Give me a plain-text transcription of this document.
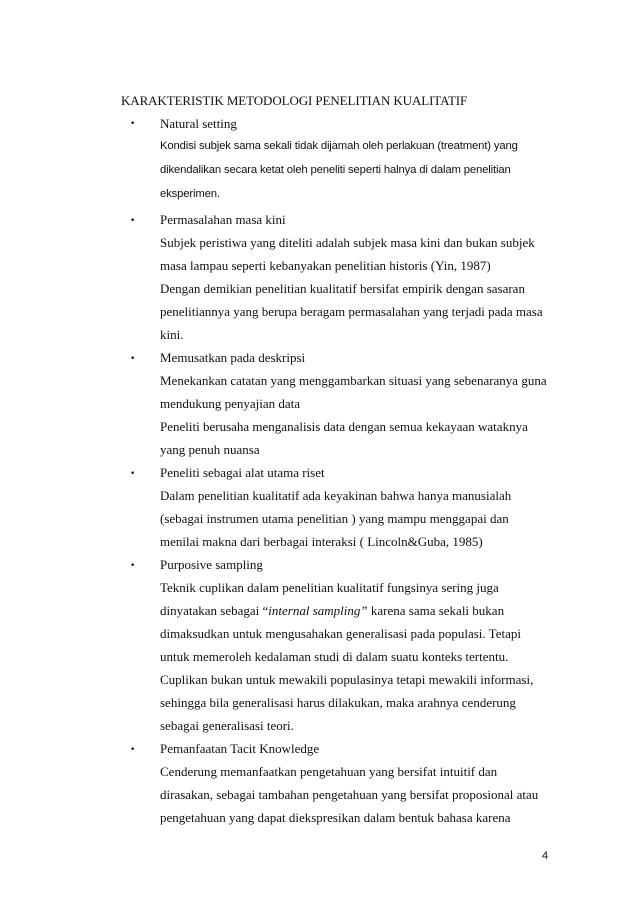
KARAKTERISTIK METODOLOGI PENELITIAN KUALITATIF
• Natural setting
Kondisi subjek sama sekali tidak dijamah oleh perlakuan (treatment) yang
dikendalikan secara ketat oleh peneliti seperti halnya di dalam penelitian
eksperimen.
• Permasalahan masa kini
Subjek peristiwa yang diteliti adalah subjek masa kini dan bukan subjek
masa lampau seperti kebanyakan penelitian historis (Yin, 1987)
Dengan demikian penelitian kualitatif bersifat empirik dengan sasaran
penelitiannya yang berupa beragam permasalahan yang terjadi pada masa
kini.
• Memusatkan pada deskripsi
Menekankan catatan yang menggambarkan situasi yang sebenaranya guna
mendukung penyajian data
Peneliti berusaha menganalisis data dengan semua kekayaan wataknya
yang penuh nuansa
• Peneliti sebagai alat utama riset
Dalam penelitian kualitatif ada keyakinan bahwa hanya manusialah
(sebagai instrumen utama penelitian ) yang mampu menggapai dan
menilai makna dari berbagai interaksi ( Lincoln&Guba, 1985)
• Purposive sampling
Teknik cuplikan dalam penelitian kualitatif fungsinya sering juga
dinyatakan sebagai “internal sampling” karena sama sekali bukan
dimaksudkan untuk mengusahakan generalisasi pada populasi. Tetapi
untuk memeroleh kedalaman studi di dalam suatu konteks tertentu.
Cuplikan bukan untuk mewakili populasinya tetapi mewakili informasi,
sehingga bila generalisasi harus dilakukan, maka arahnya cenderung
sebagai generalisasi teori.
• Pemanfaatan Tacit Knowledge
Cenderung memanfaatkan pengetahuan yang bersifat intuitif dan
dirasakan, sebagai tambahan pengetahuan yang bersifat proposional atau
pengetahuan yang dapat diekspresikan dalam bentuk bahasa karena
4
